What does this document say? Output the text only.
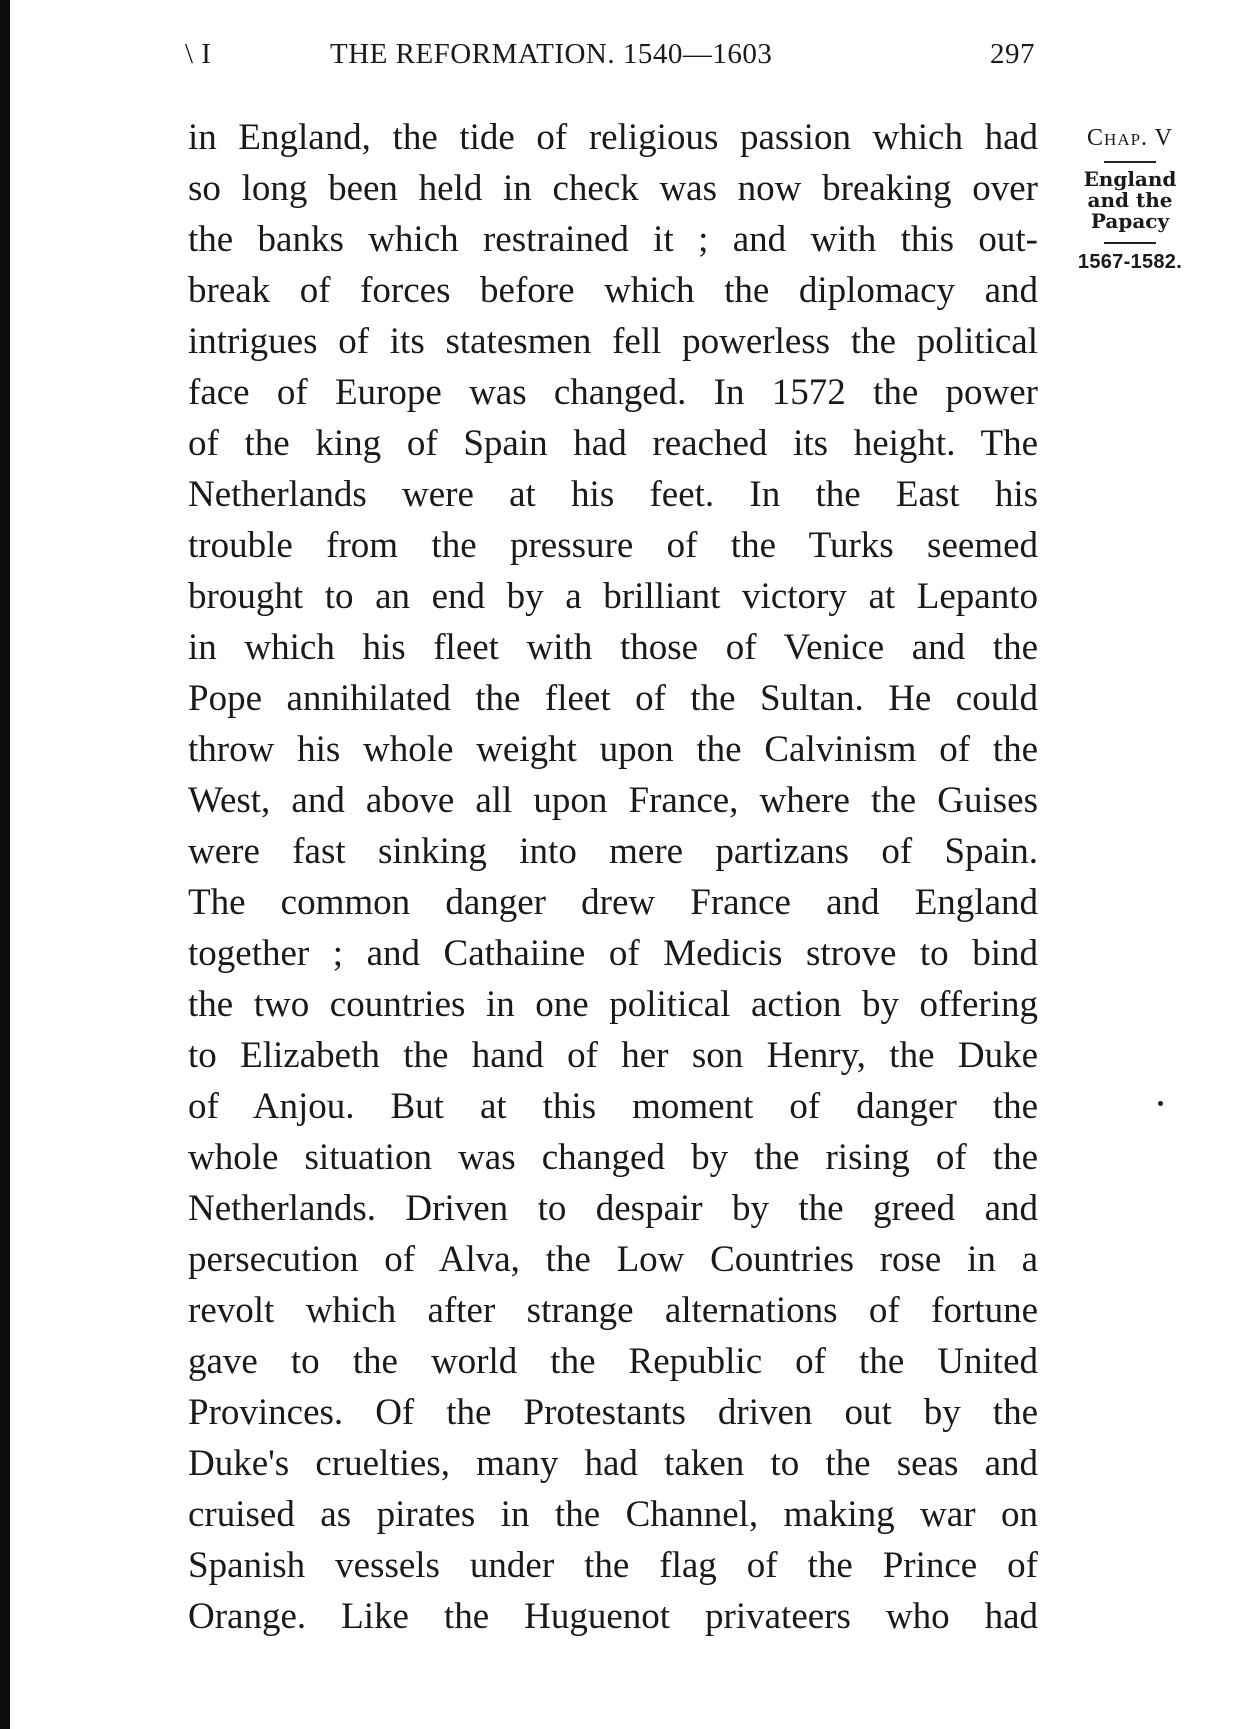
\ I	THE REFORMATION. 1540—1603	297
in England, the tide of religious passion which had
so long been held in check was now breaking over
the banks which restrained it ; and with this out-
break of forces before which the diplomacy and
intrigues of its statesmen fell powerless the political
face of Europe was changed. In 1572 the power
of the king of Spain had reached its height. The
Netherlands were at his feet. In the East his
trouble from the pressure of the Turks seemed
brought to an end by a brilliant victory at Lepanto
in which his fleet with those of Venice and the
Pope annihilated the fleet of the Sultan. He could
throw his whole weight upon the Calvinism of the
West, and above all upon France, where the Guises
were fast sinking into mere partizans of Spain.
The common danger drew France and England
together ; and Cathaiine of Medicis strove to bind
the two countries in one political action by offering
to Elizabeth the hand of her son Henry, the Duke
of Anjou. But at this moment of danger the
whole situation was changed by the rising of the
Netherlands. Driven to despair by the greed and
persecution of Alva, the Low Countries rose in a
revolt which after strange alternations of fortune
gave to the world the Republic of the United
Provinces. Of the Protestants driven out by the
Duke's cruelties, many had taken to the seas and
cruised as pirates in the Channel, making war on
Spanish vessels under the flag of the Prince of
Orange. Like the Huguenot privateers who had
Chap. V
England
and the
Papacy
1567-1582.
